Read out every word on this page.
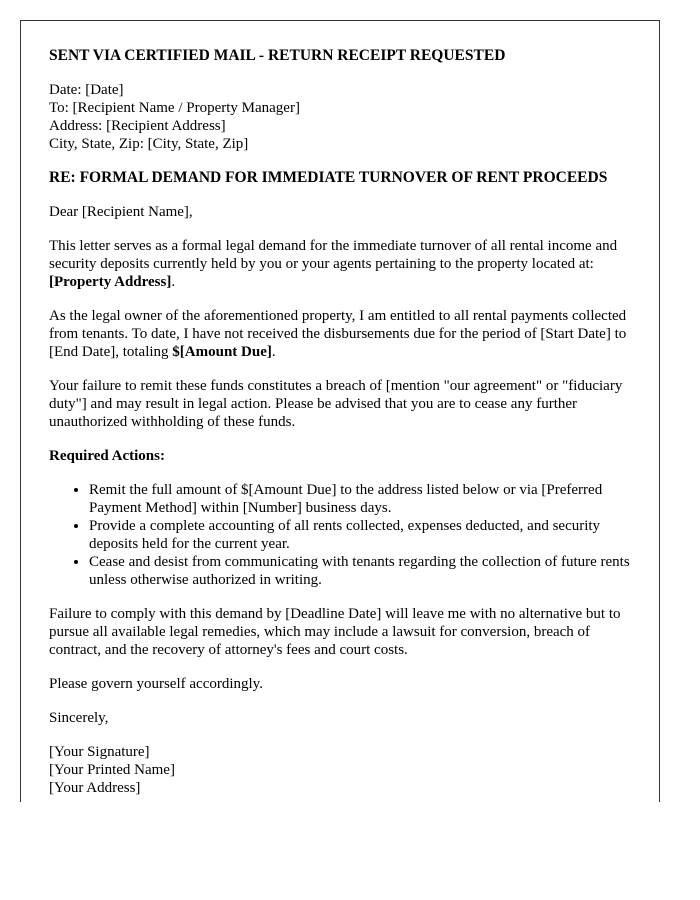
SENT VIA CERTIFIED MAIL - RETURN RECEIPT REQUESTED

Date: [Date]
To: [Recipient Name / Property Manager]
Address: [Recipient Address]
City, State, Zip: [City, State, Zip]

RE: FORMAL DEMAND FOR IMMEDIATE TURNOVER OF RENT PROCEEDS

Dear [Recipient Name],

This letter serves as a formal legal demand for the immediate turnover of all rental income and security deposits currently held by you or your agents pertaining to the property located at: [Property Address].

As the legal owner of the aforementioned property, I am entitled to all rental payments collected from tenants. To date, I have not received the disbursements due for the period of [Start Date] to [End Date], totaling $[Amount Due].

Your failure to remit these funds constitutes a breach of [mention "our agreement" or "fiduciary duty"] and may result in legal action. Please be advised that you are to cease any further unauthorized withholding of these funds.

Required Actions:

• Remit the full amount of $[Amount Due] to the address listed below or via [Preferred Payment Method] within [Number] business days.
• Provide a complete accounting of all rents collected, expenses deducted, and security deposits held for the current year.
• Cease and desist from communicating with tenants regarding the collection of future rents unless otherwise authorized in writing.

Failure to comply with this demand by [Deadline Date] will leave me with no alternative but to pursue all available legal remedies, which may include a lawsuit for conversion, breach of contract, and the recovery of attorney's fees and court costs.

Please govern yourself accordingly.

Sincerely,

[Your Signature]
[Your Printed Name]
[Your Address]
